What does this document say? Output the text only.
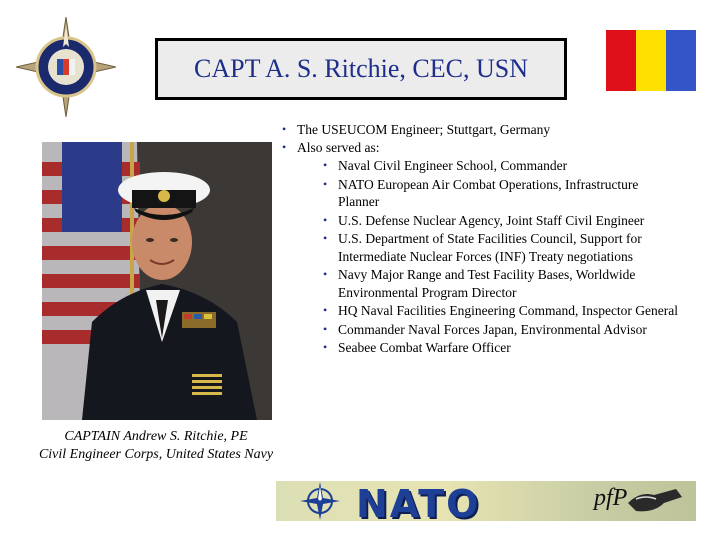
CAPT A. S. Ritchie, CEC, USN
CAPTAIN Andrew S. Ritchie, PE
Civil Engineer Corps, United States Navy
• The USEUCOM Engineer; Stuttgart, Germany
• Also served as:
• Naval Civil Engineer School, Commander
• NATO European Air Combat Operations, Infrastructure Planner
• U.S. Defense Nuclear Agency, Joint Staff Civil Engineer
• U.S. Department of State Facilities Council, Support for Intermediate Nuclear Forces (INF) Treaty negotiations
• Navy Major Range and Test Facility Bases, Worldwide Environmental Program Director
• HQ Naval Facilities Engineering Command, Inspector General
• Commander Naval Forces Japan, Environmental Advisor
• Seabee Combat Warfare Officer
NATO	pfP
